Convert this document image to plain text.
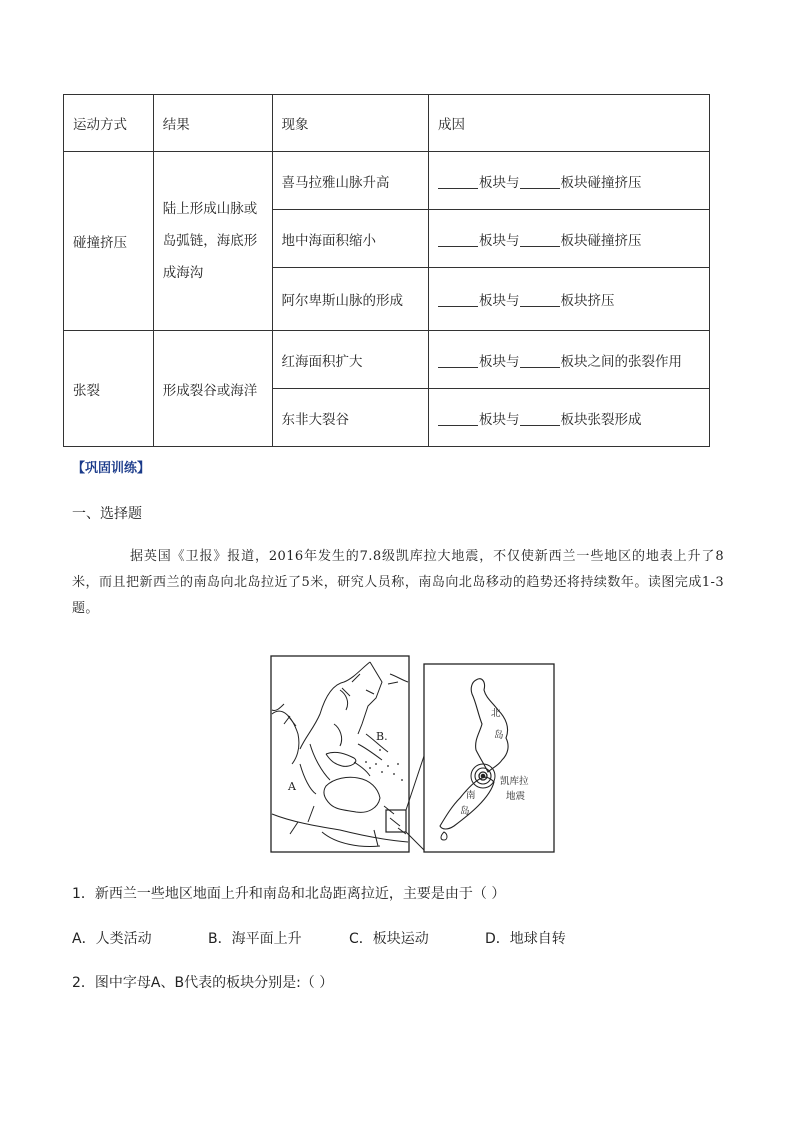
运动方式	结果	现象	成因
碰撞挤压	陆上形成山脉或岛弧链，海底形成海沟	喜马拉雅山脉升高	板块与 板块碰撞挤压
		地中海面积缩小	板块与 板块碰撞挤压
		阿尔卑斯山脉的形成	板块与 板块挤压
张裂	形成裂谷或海洋	红海面积扩大	板块与 板块之间的张裂作用
		东非大裂谷	板块与 板块张裂形成
【巩固训练】
一、选择题
据英国《卫报》报道，2016年发生的7.8级凯库拉大地震，不仅使新西兰一些地区的地表上升了8米，而且把新西兰的南岛向北岛拉近了5米，研究人员称，南岛向北岛移动的趋势还将持续数年。读图完成1-3题。
A
B.
北
岛
南
岛
凯库拉
地震
1．新西兰一些地区地面上升和南岛和北岛距离拉近，主要是由于（ ）
A．人类活动	B．海平面上升	C．板块运动	D．地球自转
2．图中字母A、B代表的板块分别是:（ ）
